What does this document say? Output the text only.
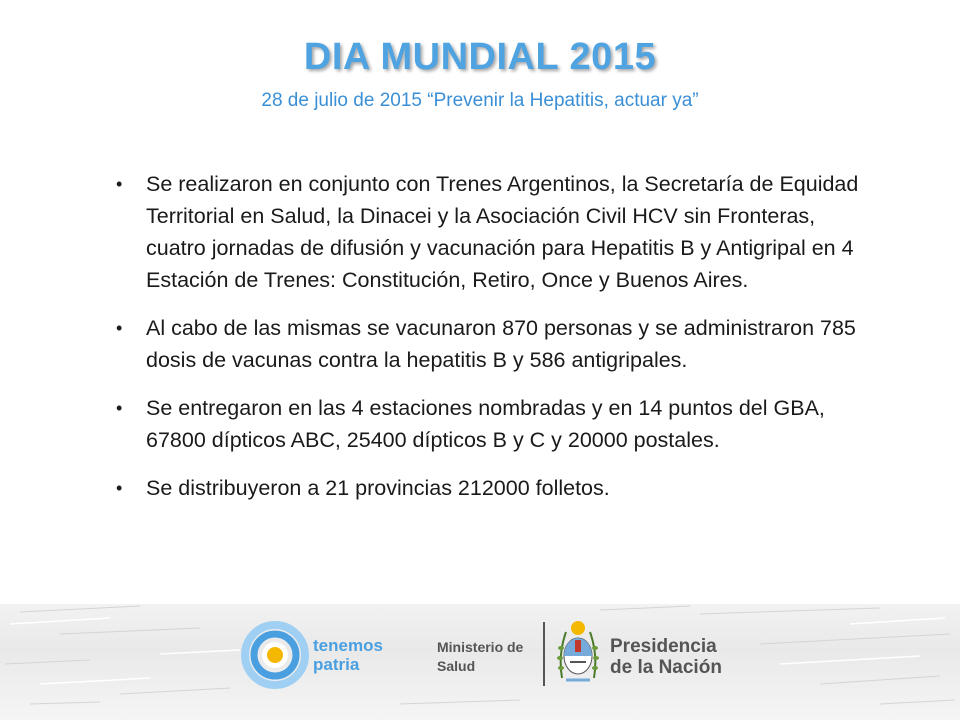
DIA MUNDIAL 2015
28 de julio de 2015 “Prevenir la Hepatitis, actuar ya”
• Se realizaron en conjunto con Trenes Argentinos, la Secretaría de Equidad Territorial en Salud, la Dinacei y la Asociación Civil HCV sin Fronteras, cuatro jornadas de difusión y vacunación para Hepatitis B y Antigripal en 4 Estación de Trenes: Constitución, Retiro, Once y Buenos Aires.
• Al cabo de las mismas se vacunaron 870 personas y se administraron 785 dosis de vacunas contra la hepatitis B y 586 antigripales.
• Se entregaron en las 4 estaciones nombradas y en 14 puntos del GBA, 67800 dípticos ABC, 25400 dípticos B y C y 20000 postales.
• Se distribuyeron a 21 provincias 212000 folletos.
tenemos
patria
Ministerio de
Salud
Presidencia
de la Nación
